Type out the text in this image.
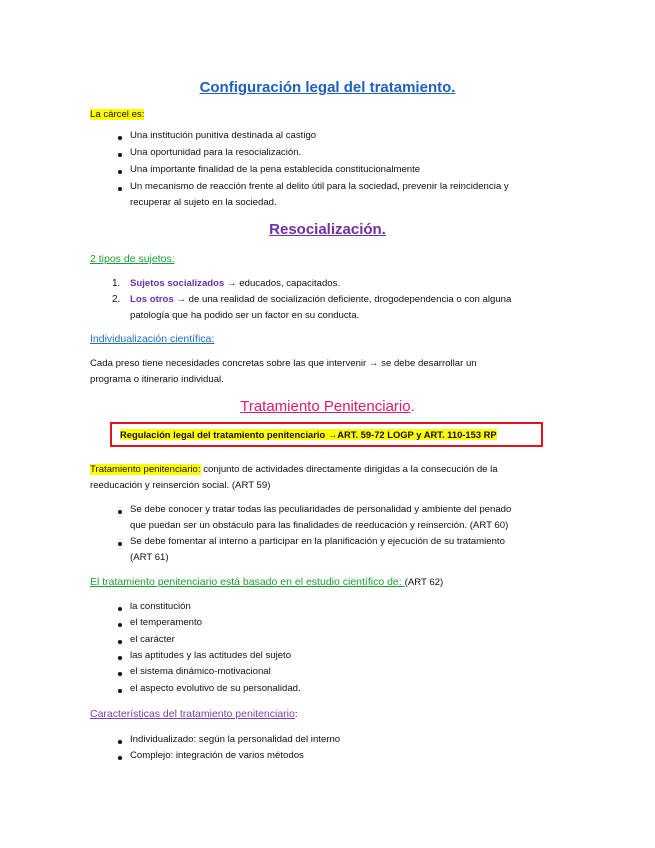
Configuración legal del tratamiento.
La cárcel es:
Una institución punitiva destinada al castigo
Una oportunidad para la resocialización.
Una importante finalidad de la pena establecida constitucionalmente
Un mecanismo de reacción frente al delito útil para la sociedad, prevenir la reincidencia y
recuperar al sujeto en la sociedad.
Resocialización.
2 tipos de sujetos:
1. Sujetos socializados → educados, capacitados.
2. Los otros → de una realidad de socialización deficiente, drogodependencia o con alguna
patología que ha podido ser un factor en su conducta.
Individualización científica:
Cada preso tiene necesidades concretas sobre las que intervenir → se debe desarrollar un
programa o itinerario individual.
Tratamiento Penitenciario.
Regulación legal del tratamiento penitenciario →ART. 59-72 LOGP y ART. 110-153 RP
Tratamiento penitenciario: conjunto de actividades directamente dirigidas a la consecución de la
reeducación y reinserción social. (ART 59)
Se debe conocer y tratar todas las peculiaridades de personalidad y ambiente del penado
que puedan ser un obstáculo para las finalidades de reeducación y reinserción. (ART 60)
Se debe fomentar al interno a participar en la planificación y ejecución de su tratamiento
(ART 61)
El tratamiento penitenciario está basado en el estudio científico de: (ART 62)
la constitución
el temperamento
el carácter
las aptitudes y las actitudes del sujeto
el sistema dinámico-motivacional
el aspecto evolutivo de su personalidad.
Características del tratamiento penitenciario:
Individualizado: según la personalidad del interno
Complejo: integración de varios métodos
